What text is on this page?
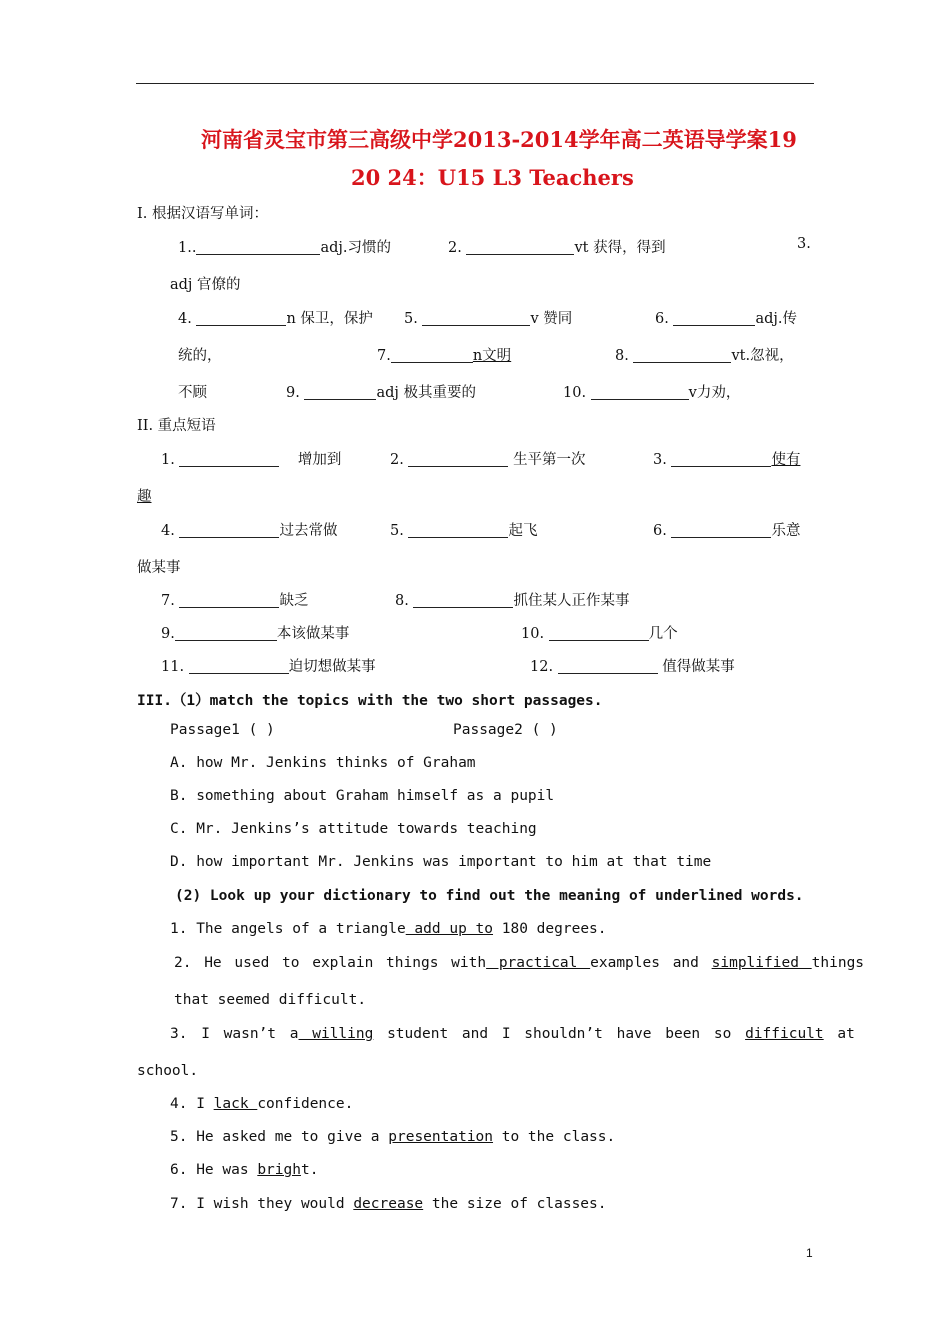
河南省灵宝市第三高级中学2013-2014学年高二英语导学案19
20 24：U15 L3 Teachers
I. 根据汉语写单词：
1..	adj.习惯的	2.	vt 获得，得到	3.
adj 官僚的
4.	n 保卫，保护 5.	v 赞同	6.	adj.传
统的，	7.	n文明	8.	vt.忽视，
不顾	9.	adj 极其重要的	10.	v力劝，
II. 重点短语
1.	增加到	2.	生平第一次	3.	使有
趣
4.	过去常做	5.	起飞	6.	乐意
做某事
7.	缺乏	8.	抓住某人正作某事
9.	本该做某事	10.	几个
11.	迫切想做某事	12.	值得做某事
III.（1）match the topics with the two short passages.
Passage1 ( )	Passage2 ( )
A. how Mr. Jenkins thinks of Graham
B. something about Graham himself as a pupil
C. Mr. Jenkins’s attitude towards teaching
D. how important Mr. Jenkins was important to him at that time
(2) Look up your dictionary to find out the meaning of underlined words.
1. The angels of a triangle add up to 180 degrees.
2. He used to explain things with practical examples and simplified things
that seemed difficult.
3. I wasn’t a willing student and I shouldn’t have been so difficult at
school.
4. I lack confidence.
5. He asked me to give a presentation to the class.
6. He was bright.
7. I wish they would decrease the size of classes.
1
